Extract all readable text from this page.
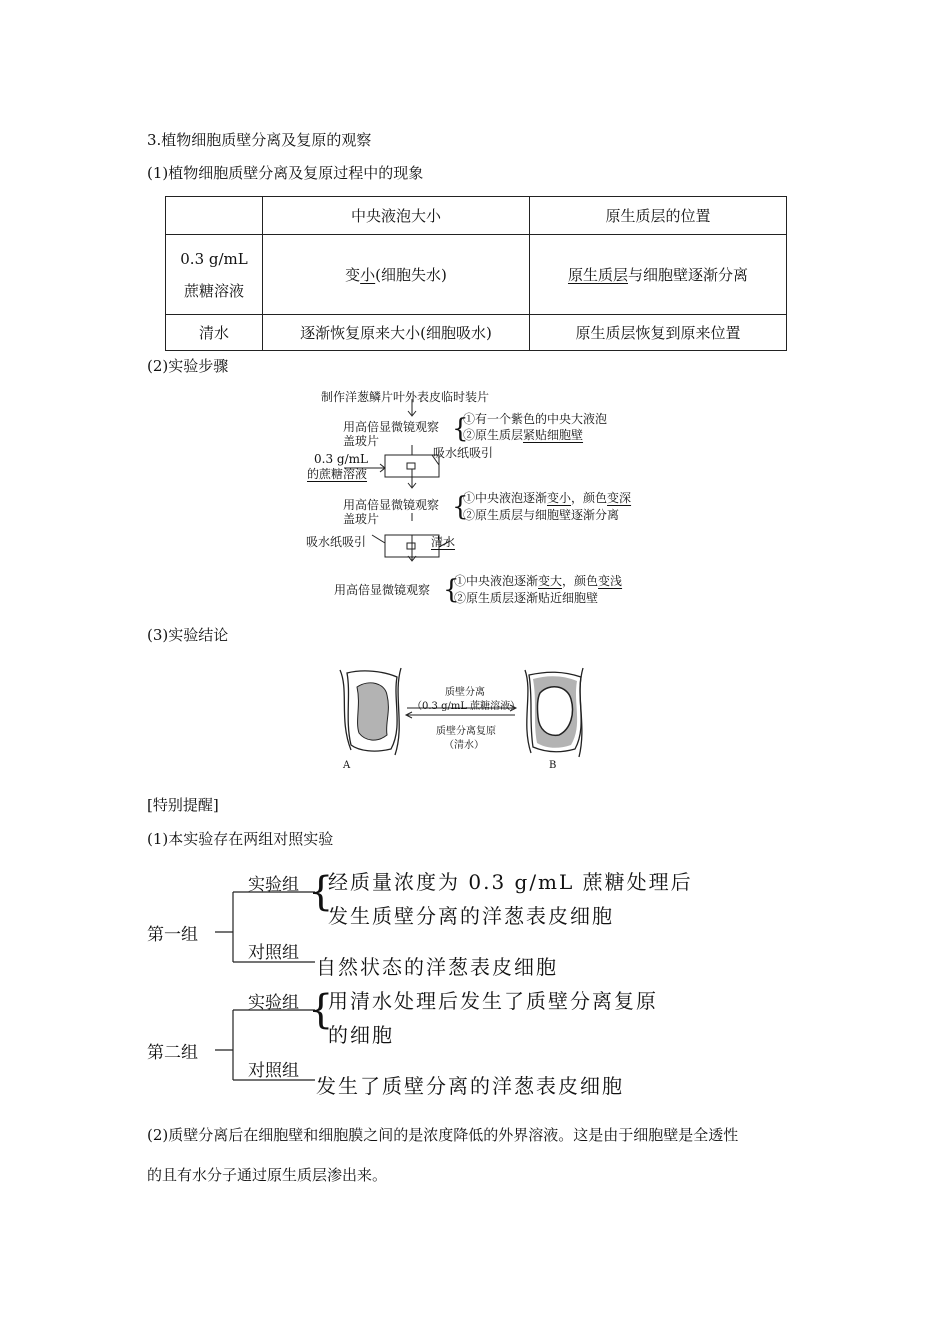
3.植物细胞质壁分离及复原的观察
(1)植物细胞质壁分离及复原过程中的现象
	中央液泡大小	原生质层的位置
0.3 g/mL
蔗糖溶液	变小(细胞失水)	原生质层与细胞壁逐渐分离
清水	逐渐恢复原来大小(细胞吸水)	原生质层恢复到原来位置
(2)实验步骤
制作洋葱鳞片叶外表皮临时装片
用高倍显微镜观察
盖玻片	{
①有一个紫色的中央大液泡
②原生质层紧贴细胞壁
0.3 g/mL
的蔗糖溶液
吸水纸吸引
用高倍显微镜观察
盖玻片	{
①中央液泡逐渐变小，颜色变深
②原生质层与细胞壁逐渐分离
吸水纸吸引	清水
用高倍显微镜观察 {
①中央液泡逐渐变大，颜色变浅
②原生质层逐渐贴近细胞壁
(3)实验结论
质壁分离
（0.3 g/mL 蔗糖溶液）
质壁分离复原
（清水）
A	B
[特别提醒]
(1)本实验存在两组对照实验
第一组
实验组 {
经质量浓度为 0.3 g/mL 蔗糖处理后
发生质壁分离的洋葱表皮细胞
对照组
自然状态的洋葱表皮细胞
第二组
实验组 {
用清水处理后发生了质壁分离复原
的细胞
对照组
发生了质壁分离的洋葱表皮细胞
(2)质壁分离后在细胞壁和细胞膜之间的是浓度降低的外界溶液。这是由于细胞壁是全透性
的且有水分子通过原生质层渗出来。
